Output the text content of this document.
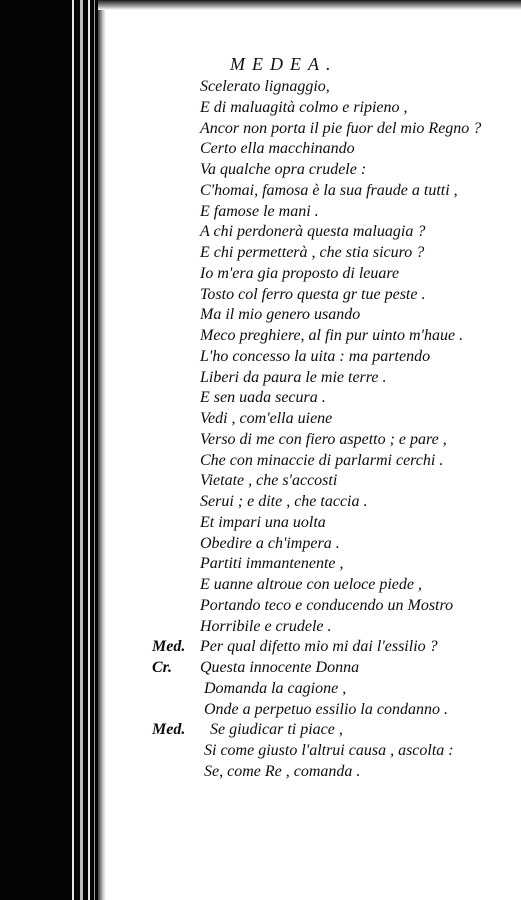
MEDEA.
Scelerato lignaggio,
E di maluagità colmo e ripieno ,
Ancor non porta il pie fuor del mio Regno ?
Certo ella macchinando
Va qualche opra crudele :
C'homai, famosa è la sua fraude a tutti ,
E famose le mani .
A chi perdonerà questa maluagia ?
E chi permetterà , che stia sicuro ?
Io m'era gia proposto di leuare
Tosto col ferro questa gr tue peste .
Ma il mio genero usando
Meco preghiere, al fin pur uinto m'haue .
L'ho concesso la uita : ma partendo
Liberi da paura le mie terre .
E sen uada secura .
Vedi , com'ella uiene
Verso di me con fiero aspetto ; e pare ,
Che con minaccie di parlarmi cerchi .
Vietate , che s'accosti
Serui ; e dite , che taccia .
Et impari una uolta
Obedire a ch'impera .
Partiti immantenente ,
E uanne altroue con ueloce piede ,
Portando teco e conducendo un Mostro
Horribile e crudele .
Med. Per qual difetto mio mi dai l'essilio ?
Cr. Questa innocente Donna
Domanda la cagione ,
Onde a perpetuo essilio la condanno .
Med. Se giudicar ti piace ,
Si come giusto l'altrui causa , ascolta :
Se, come Re , comanda .
